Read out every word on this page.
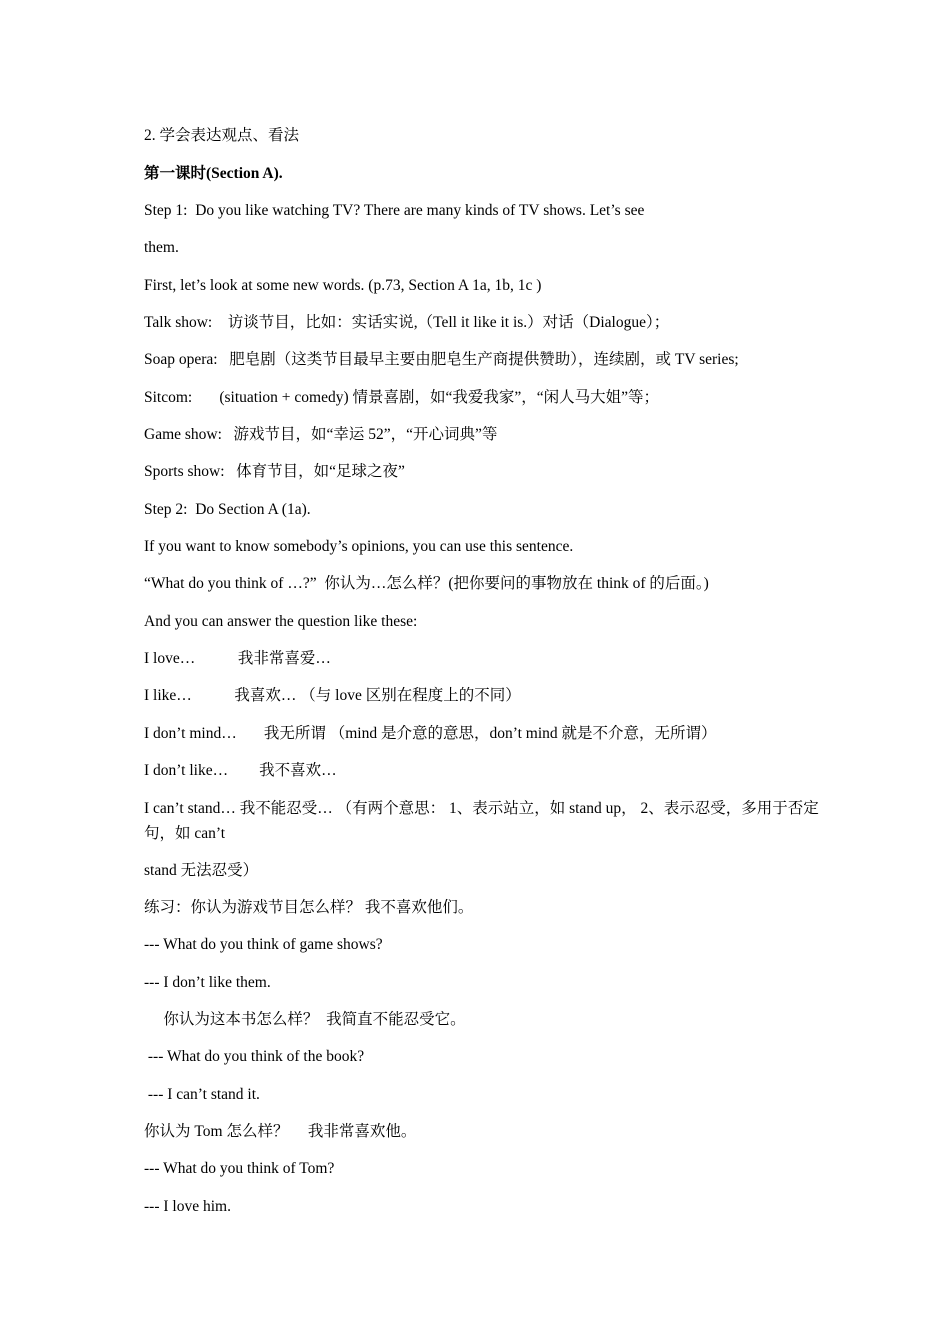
2. 学会表达观点、看法
第一课时(Section A).
Step 1:  Do you like watching TV? There are many kinds of TV shows. Let’s see
them.
First, let’s look at some new words. (p.73, Section A 1a, 1b, 1c )
Talk show:    访谈节目，比如：实话实说,（Tell it like it is.）对话（Dialogue）；
Soap opera:   肥皂剧（这类节目最早主要由肥皂生产商提供赞助），连续剧，或 TV series;
Sitcom:       (situation + comedy) 情景喜剧，如“我爱我家”，“闲人马大姐”等；
Game show:   游戏节目，如“幸运 52”，“开心词典”等
Sports show:   体育节目，如“足球之夜”
Step 2:  Do Section A (1a).
If you want to know somebody’s opinions, you can use this sentence.
“What do you think of …?”  你认为…怎么样？(把你要问的事物放在 think of 的后面。)
And you can answer the question like these:
I love…           我非常喜爱…
I like…           我喜欢… （与 love 区别在程度上的不同）
I don’t mind…       我无所谓 （mind 是介意的意思，don’t mind 就是不介意，无所谓）
I don’t like…        我不喜欢…
I can’t stand… 我不能忍受… （有两个意思： 1、表示站立，如 stand up， 2、表示忍受，多用于否定句，如 can’t
stand 无法忍受）
练习：你认为游戏节目怎么样？ 我不喜欢他们。
--- What do you think of game shows?
--- I don’t like them.
你认为这本书怎么样？  我简直不能忍受它。
--- What do you think of the book?
--- I can’t stand it.
你认为 Tom 怎么样？     我非常喜欢他。
--- What do you think of Tom?
--- I love him.
